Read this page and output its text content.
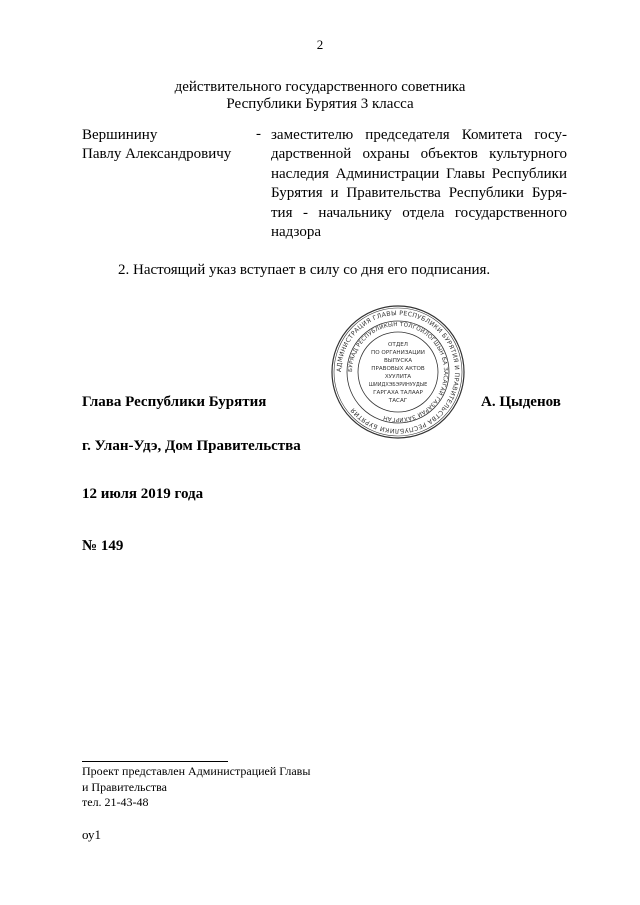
2
действительного государственного советника
Республики Бурятия 3 класса
Вершинину
Павлу Александровичу
- заместителю председателя Комитета госу-дарственной охраны объектов культурного наследия Администрации Главы Республики Бурятия и Правительства Республики Буря-тия - начальнику отдела государственного надзора
2. Настоящий указ вступает в силу со дня его подписания.
АДМИНИСТРАЦИЯ ГЛАВЫ РЕСПУБЛИКИ БУРЯТИЯ И ПРАВИТЕЛЬСТВА РЕСПУБЛИКИ БУРЯТИЯ
БУРЯАД РЕСПУБЛИКЫН ТОЛГОЙЛОГШЫН БА ЗАСАГАЙ ГАЗАРАЙ ЗАХИРГАН
ОТДЕЛ
ПО ОРГАНИЗАЦИИ
ВЫПУСКА
ПРАВОВЫХ АКТОВ
ХУУЛИТА
ШИИДХЭБЭРИНУУДЫЕ
ГАРГАХА ТАЛААР
ТАСАГ
Глава Республики Бурятия	А. Цыденов
г. Улан-Удэ, Дом Правительства
12 июля 2019 года
№ 149
Проект представлен Администрацией Главы
и Правительства
тел. 21-43-48
оу1
